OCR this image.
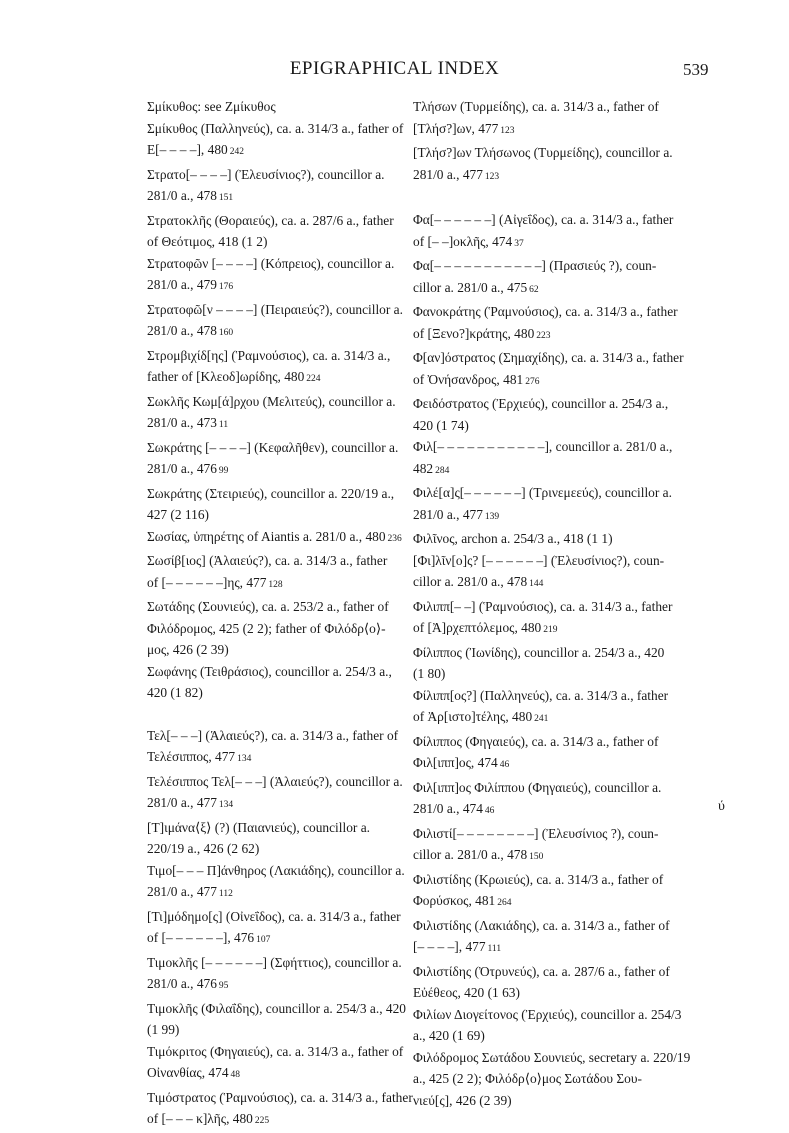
EPIGRAPHICAL INDEX	539
Σμίκυθος: see Ζμίκυθος
Σμίκυθος (Παλληνεύς), ca. a. 314/3 a., father of
Ε[– – – –], 480 242
Στρατο[– – – –] (Ἐλευσίνιος?), councillor a.
281/0 a., 478 151
Στρατοκλῆς (Θοραιεύς), ca. a. 287/6 a., father
of Θεότιμος, 418 (1 2)
Στρατοφῶν [– – – –] (Κόπρειος), councillor a.
281/0 a., 479 176
Στρατοφῶ[ν – – – –] (Πειραιεύς?), councillor a.
281/0 a., 478 160
Στρομβιχίδ[ης] (Ῥαμνούσιος), ca. a. 314/3 a.,
father of [Κλεοδ]ωρίδης, 480 224
Σωκλῆς Κωμ[ά]ρχου (Μελιτεύς), councillor a.
281/0 a., 473 11
Σωκράτης [– – – –] (Κεφαλῆθεν), councillor a.
281/0 a., 476 99
Σωκράτης (Στειριεύς), councillor a. 220/19 a.,
427 (2 116)
Σωσίας, ὑπηρέτης of Aiantis a. 281/0 a., 480 236
Σωσίβ[ιος] (Ἁλαιεύς?), ca. a. 314/3 a., father
of [– – – – – –]ης, 477 128
Σωτάδης (Σουνιεύς), ca. a. 253/2 a., father of
Φιλόδρομος, 425 (2 2); father of Φιλόδρ⟨ο⟩-
μος, 426 (2 39)
Σωφάνης (Τειθράσιος), councillor a. 254/3 a.,
420 (1 82)
Τελ[– – –] (Ἁλαιεύς?), ca. a. 314/3 a., father of
Τελέσιππος, 477 134
Τελέσιππος Τελ[– – –] (Ἁλαιεύς?), councillor a.
281/0 a., 477 134
[Τ]ιμάνα⟨ξ⟩ (?) (Παιανιεύς), councillor a.
220/19 a., 426 (2 62)
Τιμο[– – – Π]άνθηρος (Λακιάδης), councillor a.
281/0 a., 477 112
[Τι]μόδημο[ς] (Οἰνεΐδος), ca. a. 314/3 a., father
of [– – – – – –], 476 107
Τιμοκλῆς [– – – – – –] (Σφήττιος), councillor a.
281/0 a., 476 95
Τιμοκλῆς (Φιλαΐδης), councillor a. 254/3 a., 420
(1 99)
Τιμόκριτος (Φηγαιεύς), ca. a. 314/3 a., father of
Οἰνανθίας, 474 48
Τιμόστρατος (Ῥαμνούσιος), ca. a. 314/3 a., father
of [– – – κ]λῆς, 480 225
Τλήσων (Τυρμείδης), ca. a. 314/3 a., father of
[Τλήσ?]ων, 477 123
[Τλήσ?]ων Τλήσωνος (Τυρμείδης), councillor a.
281/0 a., 477 123
Φα[– – – – – –] (Αἰγεΐδος), ca. a. 314/3 a., father
of [– –]οκλῆς, 474 37
Φα[– – – – – – – – – – –] (Πρασιεύς ?), coun-
cillor a. 281/0 a., 475 62
Φανοκράτης (Ῥαμνούσιος), ca. a. 314/3 a., father
of [Ξενο?]κράτης, 480 223
Φ[αν]όστρατος (Σημαχίδης), ca. a. 314/3 a., father
of Ὀνήσανδρος, 481 276
Φειδόστρατος (Ἐρχιεύς), councillor a. 254/3 a.,
420 (1 74)
Φιλ[– – – – – – – – – – –], councillor a. 281/0 a.,
482 284
Φιλέ[α]ς[– – – – – –] (Τρινεμεεύς), councillor a.
281/0 a., 477 139
Φιλῖνος, archon a. 254/3 a., 418 (1 1)
[Φι]λῖν[ο]ς? [– – – – – –] (Ἐλευσίνιος?), coun-
cillor a. 281/0 a., 478 144
Φιλιππ[– –] (Ῥαμνούσιος), ca. a. 314/3 a., father
of [Ἀ]ρχεπτόλεμος, 480 219
Φίλιππος (Ἰωνίδης), councillor a. 254/3 a., 420
(1 80)
Φίλιππ[ος?] (Παλληνεύς), ca. a. 314/3 a., father
of Ἀρ[ιστο]τέλης, 480 241
Φίλιππος (Φηγαιεύς), ca. a. 314/3 a., father of
Φιλ[ιππ]ος, 474 46
Φιλ[ιππ]ος Φιλίππου (Φηγαιεύς), councillor a.
281/0 a., 474 46
Φιλιστί[– – – – – – – –] (Ἐλευσίνιος ?), coun-
cillor a. 281/0 a., 478 150
Φιλιστίδης (Κρωιεύς), ca. a. 314/3 a., father of
Φορύσκος, 481 264
Φιλιστίδης (Λακιάδης), ca. a. 314/3 a., father of
[– – – –], 477 111
Φιλιστίδης (Ὀτρυνεύς), ca. a. 287/6 a., father of
Εὐέθεος, 420 (1 63)
Φιλίων Διογείτονος (Ἐρχιεύς), councillor a. 254/3
a., 420 (1 69)
Φιλόδρομος Σωτάδου Σουνιεύς, secretary a. 220/19
a., 425 (2 2); Φιλόδρ⟨ο⟩μος Σωτάδου Σου-
νιεύ[ς], 426 (2 39)
ύ
